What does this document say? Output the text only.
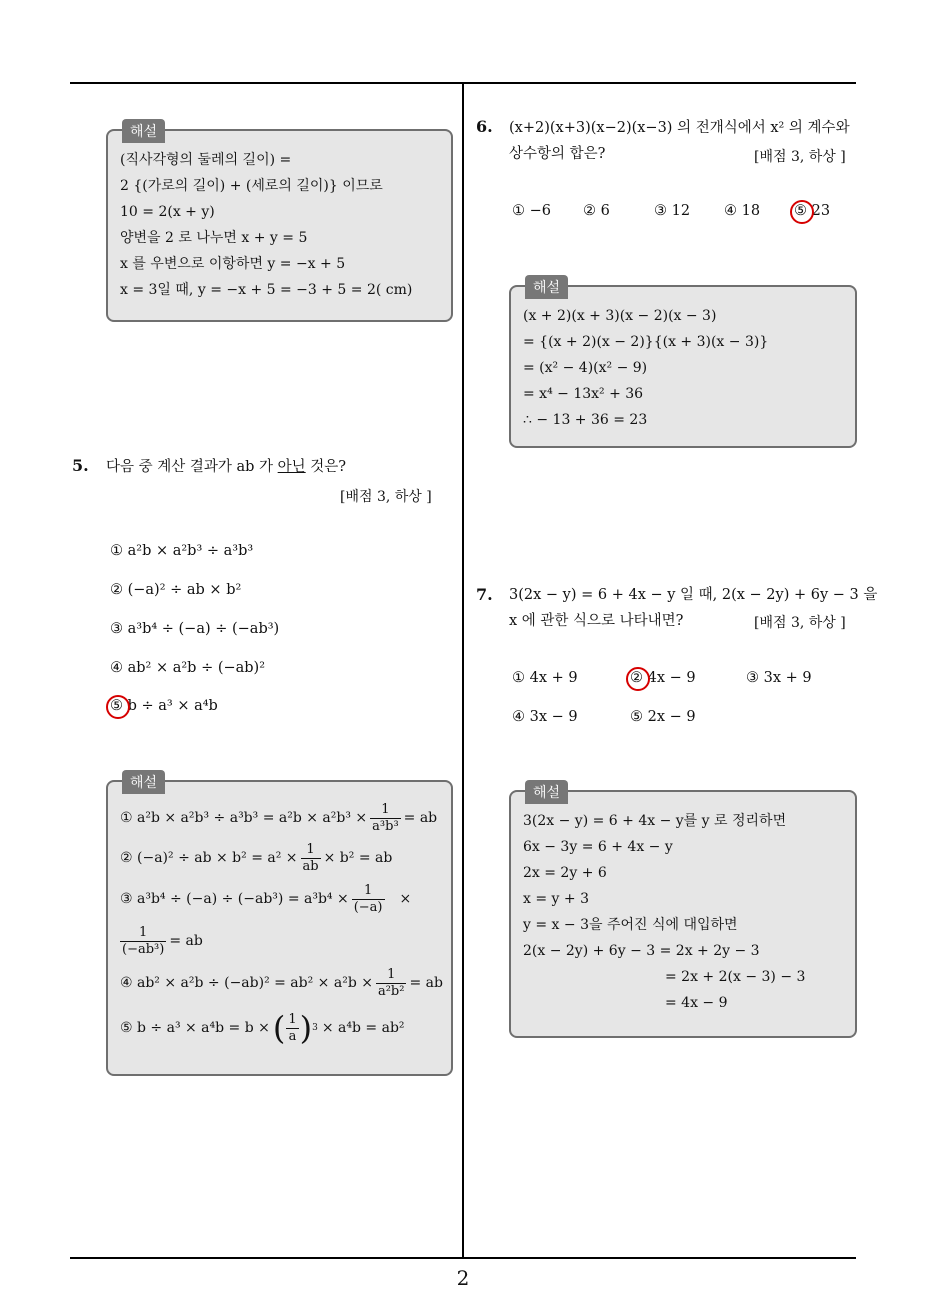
해설
(직사각형의 둘레의 길이) =
2 {(가로의 길이) + (세로의 길이)} 이므로
10 = 2(x + y)
양변을 2 로 나누면 x + y = 5
x 를 우변으로 이항하면 y = −x + 5
x = 3일 때, y = −x + 5 = −3 + 5 = 2( cm)
5. 다음 중 계산 결과가 ab 가 아닌 것은?
[배점 3, 하상 ]
① a²b × a²b³ ÷ a³b³
② (−a)² ÷ ab × b²
③ a³b⁴ ÷ (−a) ÷ (−ab³)
④ ab² × a²b ÷ (−ab)²
⑤ b ÷ a³ × a⁴b
해설
① $a^2b \times a^2b^3 \div a^3b^3 = a^2b \times a^2b^3 \times \frac{1}{\text{a³b³}}$ = ab
② (−a)² ÷ ab × $b^2 = a^2 \times \frac{1}{ab} \times b^2$ = ab
③ $a^3b^4 \div (-a) \div (-ab^3) = a^3b^4 \times \frac{1}{(-a)}$ ×
$\frac{1}{\text{(−ab³)}}$ = ab
④ $ab^2 \times a^2b \div (-ab)^2 = ab^2 \times a^2b \times \frac{1}{\text{a²b²}}$ = ab
⑤ b ÷ a³ × a⁴b = b × ( $\frac{1}{a}$ ) 3 × a⁴b = ab²
6. (x+2)(x+3)(x−2)(x−3) 의 전개식에서 x² 의 계수와
상수항의 합은?	[배점 3, 하상 ]
① −6 ② 6	③ 12 ④ 18 ⑤ 23
해설
(x + 2)(x + 3)(x − 2)(x − 3)
= {(x + 2)(x − 2)}{(x + 3)(x − 3)}
= (x² − 4)(x² − 9)
= x⁴ − 13x² + 36
∴ − 13 + 36 = 23
7. 3(2x − y) = 6 + 4x − y 일 때, 2(x − 2y) + 6y − 3 을
x 에 관한 식으로 나타내면?	[배점 3, 하상 ]
① 4x + 9	② 4x − 9	③ 3x + 9
④ 3x − 9	⑤ 2x − 9
해설
3(2x − y) = 6 + 4x − y를 y 로 정리하면
6x − 3y = 6 + 4x − y
2x = 2y + 6
x = y + 3
y = x − 3을 주어진 식에 대입하면
2(x − 2y) + 6y − 3 = 2x + 2y − 3
= 2x + 2(x − 3) − 3
= 4x − 9
2
